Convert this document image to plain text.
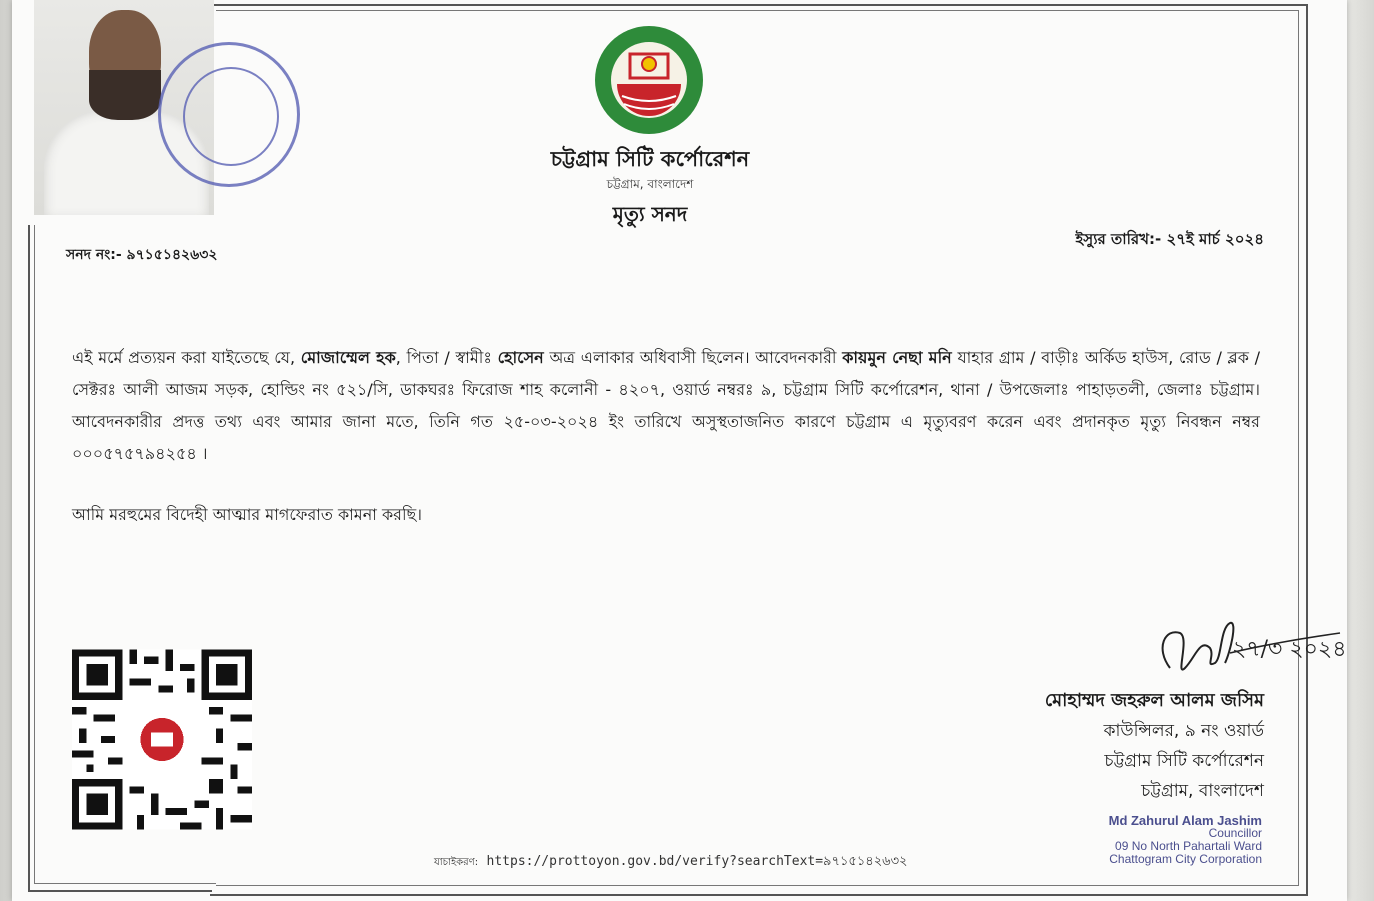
চট্টগ্রাম সিটি কর্পোরেশন
চট্টগ্রাম, বাংলাদেশ
মৃত্যু সনদ
সনদ নং:- ৯৭১৫১৪২৬৩২
ইস্যুর তারিখ:- ২৭ই মার্চ ২০২৪
এই মর্মে প্রত্যয়ন করা যাইতেছে যে, মোজাম্মেল হক, পিতা / স্বামীঃ হোসেন অত্র এলাকার অধিবাসী ছিলেন। আবেদনকারী কায়মুন নেছা মনি যাহার গ্রাম / বাড়ীঃ অর্কিড হাউস, রোড / ব্লক / সেক্টরঃ আলী আজম সড়ক, হোল্ডিং নং ৫২১/সি, ডাকঘরঃ ফিরোজ শাহ কলোনী - ৪২০৭, ওয়ার্ড নম্বরঃ ৯, চট্টগ্রাম সিটি কর্পোরেশন, থানা / উপজেলাঃ পাহাড়তলী, জেলাঃ চট্টগ্রাম। আবেদনকারীর প্রদত্ত তথ্য এবং আমার জানা মতে, তিনি গত ২৫-০৩-২০২৪ ইং তারিখে অসুস্থতাজনিত কারণে চট্টগ্রাম এ মৃত্যুবরণ করেন এবং প্রদানকৃত মৃত্যু নিবন্ধন নম্বর ০০০৫৭৫৭৯৪২৫৪ ।
আমি মরহুমের বিদেহী আত্মার মাগফেরাত কামনা করছি।
২৭/৩ ২০২৪
মোহাম্মদ জহরুল আলম জসিম
কাউন্সিলর, ৯ নং ওয়ার্ড
চট্টগ্রাম সিটি কর্পোরেশন
চট্টগ্রাম, বাংলাদেশ
Md Zahurul Alam Jashim
Councillor
09 No North Pahartali Ward
Chattogram City Corporation
যাচাইকরণ: https://prottoyon.gov.bd/verify?searchText=৯৭১৫১৪২৬৩২
